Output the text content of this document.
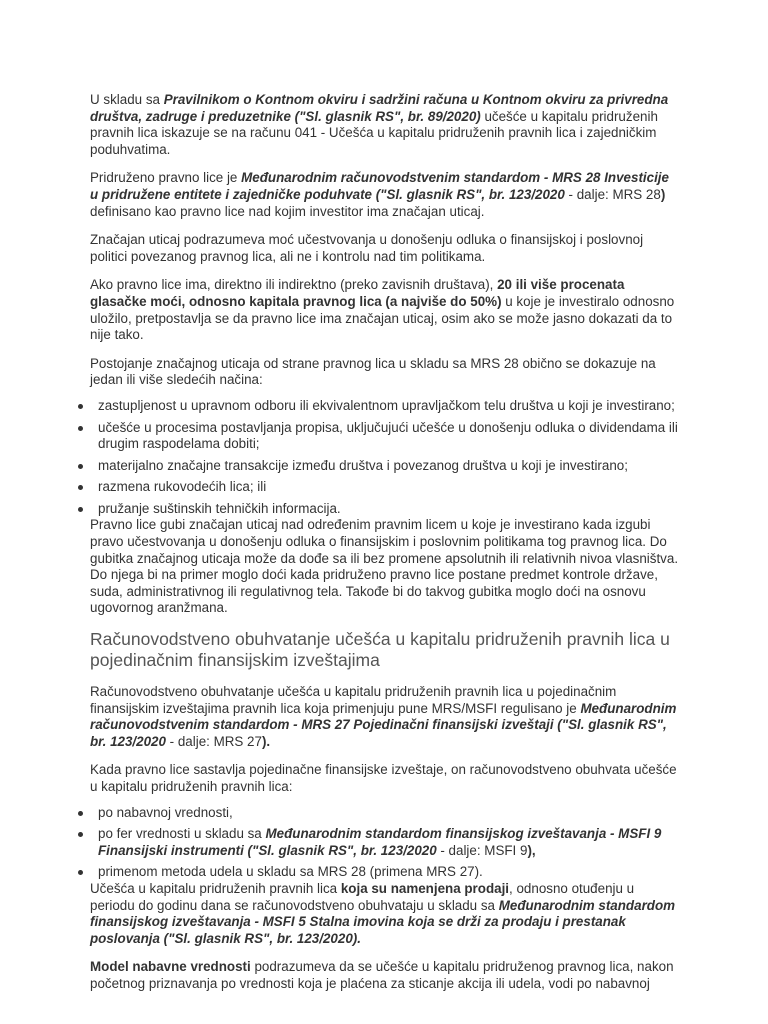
U skladu sa Pravilnikom o Kontnom okviru i sadržini računa u Kontnom okviru za privredna društva, zadruge i preduzetnike ("Sl. glasnik RS", br. 89/2020) učešće u kapitalu pridruženih pravnih lica iskazuje se na računu 041 - Učešća u kapitalu pridruženih pravnih lica i zajedničkim poduhvatima.

Pridruženo pravno lice je Međunarodnim računovodstvenim standardom - MRS 28 Investicije u pridružene entitete i zajedničke poduhvate ("Sl. glasnik RS", br. 123/2020 - dalje: MRS 28) definisano kao pravno lice nad kojim investitor ima značajan uticaj.

Značajan uticaj podrazumeva moć učestvovanja u donošenju odluka o finansijskoj i poslovnoj politici povezanog pravnog lica, ali ne i kontrolu nad tim politikama.

Ako pravno lice ima, direktno ili indirektno (preko zavisnih društava), 20 ili više procenata glasačke moći, odnosno kapitala pravnog lica (a najviše do 50%) u koje je investiralo odnosno uložilo, pretpostavlja se da pravno lice ima značajan uticaj, osim ako se može jasno dokazati da to nije tako.

Postojanje značajnog uticaja od strane pravnog lica u skladu sa MRS 28 obično se dokazuje na jedan ili više sledećih načina:

zastupljenost u upravnom odboru ili ekvivalentnom upravljačkom telu društva u koji je investirano;
učešće u procesima postavljanja propisa, uključujući učešće u donošenju odluka o dividendama ili drugim raspodelama dobiti;
materijalno značajne transakcije između društva i povezanog društva u koji je investirano;
razmena rukovodećih lica; ili
pružanje suštinskih tehničkih informacija.

Pravno lice gubi značajan uticaj nad određenim pravnim licem u koje je investirano kada izgubi pravo učestvovanja u donošenju odluka o finansijskim i poslovnim politikama tog pravnog lica. Do gubitka značajnog uticaja može da dođe sa ili bez promene apsolutnih ili relativnih nivoa vlasništva. Do njega bi na primer moglo doći kada pridruženo pravno lice postane predmet kontrole države, suda, administrativnog ili regulativnog tela. Takođe bi do takvog gubitka moglo doći na osnovu ugovornog aranžmana.

Računovodstveno obuhvatanje učešća u kapitalu pridruženih pravnih lica u pojedinačnim finansijskim izveštajima

Računovodstveno obuhvatanje učešća u kapitalu pridruženih pravnih lica u pojedinačnim finansijskim izveštajima pravnih lica koja primenjuju pune MRS/MSFI regulisano je Međunarodnim računovodstvenim standardom - MRS 27 Pojedinačni finansijski izveštaji ("Sl. glasnik RS", br. 123/2020 - dalje: MRS 27).

Kada pravno lice sastavlja pojedinačne finansijske izveštaje, on računovodstveno obuhvata učešće u kapitalu pridruženih pravnih lica:

po nabavnoj vrednosti,
po fer vrednosti u skladu sa Međunarodnim standardom finansijskog izveštavanja - MSFI 9 Finansijski instrumenti ("Sl. glasnik RS", br. 123/2020 - dalje: MSFI 9),
primenom metoda udela u skladu sa MRS 28 (primena MRS 27).

Učešća u kapitalu pridruženih pravnih lica koja su namenjena prodaji, odnosno otuđenju u periodu do godinu dana se računovodstveno obuhvataju u skladu sa Međunarodnim standardom finansijskog izveštavanja - MSFI 5 Stalna imovina koja se drži za prodaju i prestanak poslovanja ("Sl. glasnik RS", br. 123/2020).

Model nabavne vrednosti podrazumeva da se učešće u kapitalu pridruženog pravnog lica, nakon početnog priznavanja po vrednosti koja je plaćena za sticanje akcija ili udela, vodi po nabavnoj
